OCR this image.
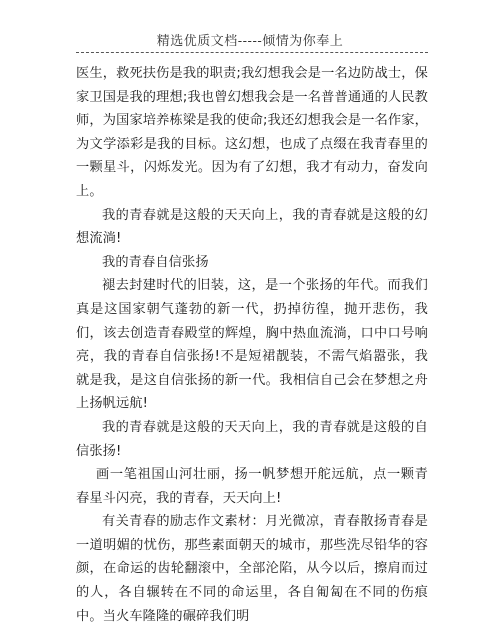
精选优质文档-----倾情为你奉上

医生，救死扶伤是我的职责;我幻想我会是一名边防战士，保家卫国是我的理想;我也曾幻想我会是一名普普通通的人民教师，为国家培养栋梁是我的使命;我还幻想我会是一名作家，为文学添彩是我的目标。这幻想，也成了点缀在我青春里的一颗星斗，闪烁发光。因为有了幻想，我才有动力，奋发向上。

我的青春就是这般的天天向上，我的青春就是这般的幻想流淌!

我的青春自信张扬

褪去封建时代的旧装，这，是一个张扬的年代。而我们真是这国家朝气蓬勃的新一代，扔掉彷徨，抛开悲伤，我们，该去创造青春殿堂的辉煌，胸中热血流淌，口中口号响亮，我的青春自信张扬!不是短裙靓装，不需气焰嚣张，我就是我，是这自信张扬的新一代。我相信自己会在梦想之舟上扬帆远航!

我的青春就是这般的天天向上，我的青春就是这般的自信张扬!

画一笔祖国山河壮丽，扬一帆梦想开舵远航，点一颗青春星斗闪亮，我的青春，天天向上!

有关青春的励志作文素材：月光微凉，青春散扬青春是一道明媚的忧伤，那些素面朝天的城市，那些洗尽铅华的容颜，在命运的齿轮翻滚中，全部沦陷，从今以后，擦肩而过的人，各自辗转在不同的命运里，各自匍匐在不同的伤痕中。当火车隆隆的碾碎我们明
